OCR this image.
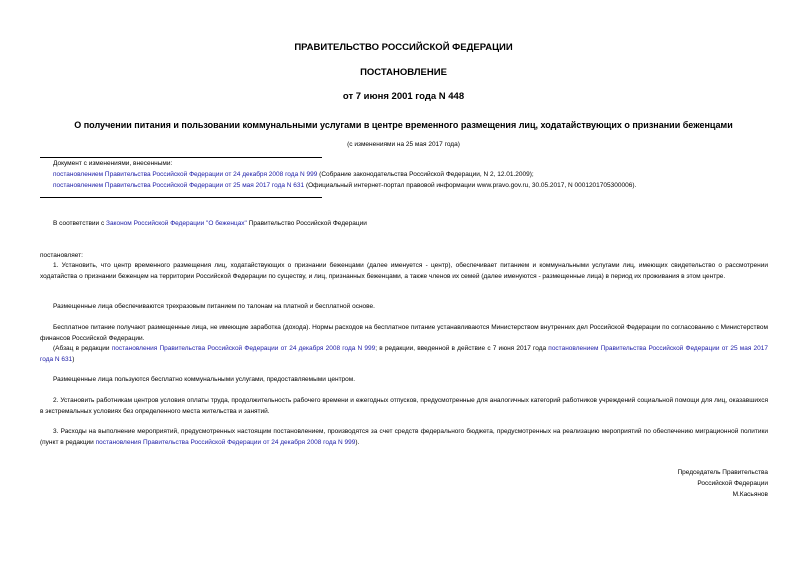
ПРАВИТЕЛЬСТВО РОССИЙСКОЙ ФЕДЕРАЦИИ
ПОСТАНОВЛЕНИЕ
от 7 июня 2001 года N 448
О получении питания и пользовании коммунальными услугами в центре временного размещения лиц, ходатайствующих о признании беженцами
(с изменениями на 25 мая 2017 года)
Документ с изменениями, внесенными:
постановлением Правительства Российской Федерации от 24 декабря 2008 года N 999 (Собрание законодательства Российской Федерации, N 2, 12.01.2009);
постановлением Правительства Российской Федерации от 25 мая 2017 года N 631 (Официальный интернет-портал правовой информации www.pravo.gov.ru, 30.05.2017, N 0001201705300006).
В соответствии с Законом Российской Федерации "О беженцах" Правительство Российской Федерации
постановляет:
1. Установить, что центр временного размещения лиц, ходатайствующих о признании беженцами (далее именуется - центр), обеспечивает питанием и коммунальными услугами лиц, имеющих свидетельство о рассмотрении ходатайства о признании беженцем на территории Российской Федерации по существу, и лиц, признанных беженцами, а также членов их семей (далее именуются - размещенные лица) в период их проживания в этом центре.
Размещенные лица обеспечиваются трехразовым питанием по талонам на платной и бесплатной основе.
Бесплатное питание получают размещенные лица, не имеющие заработка (дохода). Нормы расходов на бесплатное питание устанавливаются Министерством внутренних дел Российской Федерации по согласованию с Министерством финансов Российской Федерации.
(Абзац в редакции постановления Правительства Российской Федерации от 24 декабря 2008 года N 999; в редакции, введенной в действие с 7 июня 2017 года постановлением Правительства Российской Федерации от 25 мая 2017 года N 631)
Размещенные лица пользуются бесплатно коммунальными услугами, предоставляемыми центром.
2. Установить работникам центров условия оплаты труда, продолжительность рабочего времени и ежегодных отпусков, предусмотренные для аналогичных категорий работников учреждений социальной помощи для лиц, оказавшихся в экстремальных условиях без определенного места жительства и занятий.
3. Расходы на выполнение мероприятий, предусмотренных настоящим постановлением, производятся за счет средств федерального бюджета, предусмотренных на реализацию мероприятий по обеспечению миграционной политики (пункт в редакции постановления Правительства Российской Федерации от 24 декабря 2008 года N 999).
Председатель Правительства
Российской Федерации
М.Касьянов
